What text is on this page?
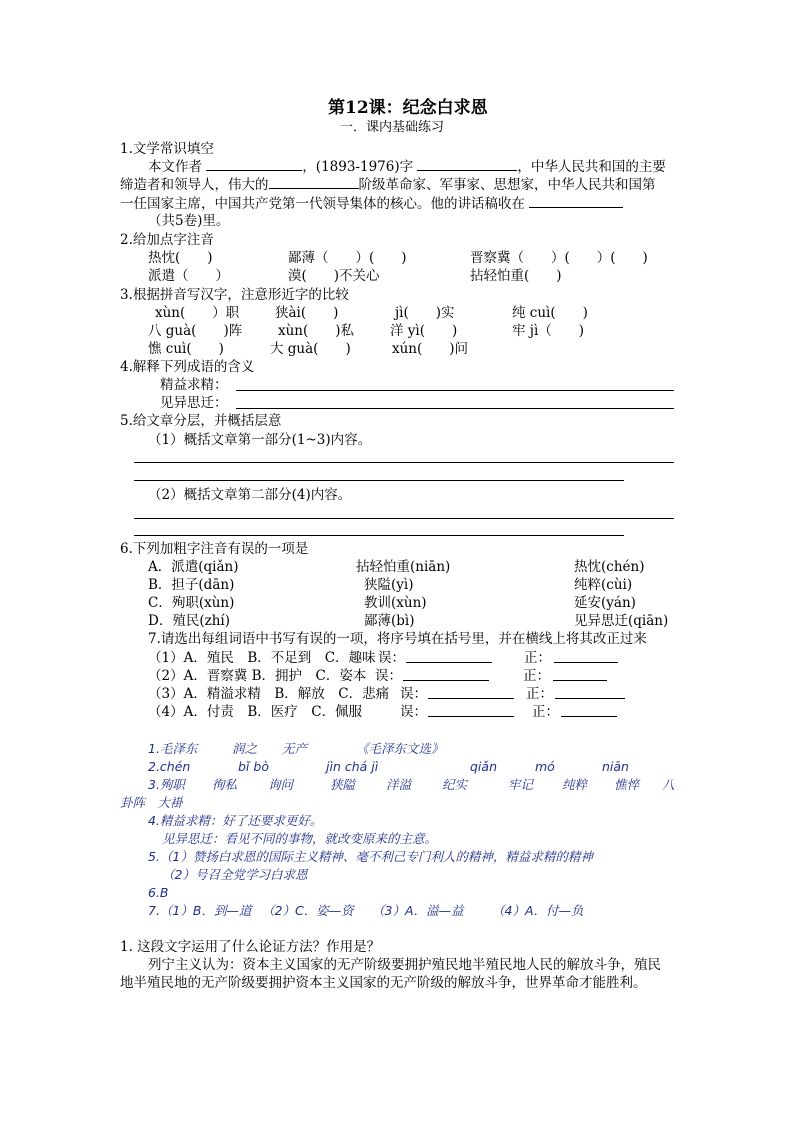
第12课：纪念白求恩
一．课内基础练习
1.文学常识填空
本文作者	，(1893-1976)字	，中华人民共和国的主要
缔造者和领导人，伟大的	阶级革命家、军事家、思想家，中华人民共和国第
一任国家主席，中国共产党第一代领导集体的核心。他的讲话稿收在
（共5卷)里。
2.给加点字注音
热忱(　　)	鄙薄（　　）(　　)	晋察冀（　　）(　　）(　　)
派遣（　　）	漠(　　)不关心	拈轻怕重(　　)
3.根据拼音写汉字，注意形近字的比较
xùn(　　）职	狭ài(　　)	jì(　　)实	纯 cuì(　　)
八 guà(　　)阵	xùn(　　)私	洋 yì(　　)	牢 jì（　　)
憔 cuì(　　)	大 guà(　　)	xún(　　)问
4.解释下列成语的含义
精益求精：
见异思迁：
5.给文章分层，并概括层意
（1）概括文章第一部分(1~3)内容。
（2）概括文章第二部分(4)内容。
6.下列加粗字注音有误的一项是
A．派遣(qiǎn)	拈轻怕重(niān)	热忱(chén)
B．担子(dān)	狭隘(yì)	纯粹(cùi)
C．殉职(xùn)	教训(xùn)	延安(yán)
D．殖民(zhí)	鄙薄(bì)	见异思迁(qiān)
7.请选出每组词语中书写有误的一项，将序号填在括号里，并在横线上将其改正过来
（1）A．殖民　B．不足到　C．趣味 误：	正：
（2）A．晋察冀 B．拥护　C．姿本 误：	正：
（3）A．精溢求精　B．解放　C．悲痛 误：	正：
（4）A．付责　B．医疗　C．佩服	误：	正：
1.毛泽东	润之 无产	《毛泽东文选》
2.chén	bǐ bò	jìn chá jì	qiǎn	mó	niān
3.殉职 徇私 询问	狭隘 洋溢 纪实	牢记 纯粹 憔悴 八
卦阵　大褂
4.精益求精：好了还要求更好。
见异思迁：看见不同的事物，就改变原来的主意。
5.（1）赞扬白求恩的国际主义精神、毫不利己专门利人的精神，精益求精的精神
（2）号召全党学习白求恩
6.B
7.（1）B．到—道 （2）C．姿—资 （3）A．溢—益 （4）A．付—负
1. 这段文字运用了什么论证方法？作用是？
列宁主义认为：资本主义国家的无产阶级要拥护殖民地半殖民地人民的解放斗争，殖民
地半殖民地的无产阶级要拥护资本主义国家的无产阶级的解放斗争，世界革命才能胜利。
